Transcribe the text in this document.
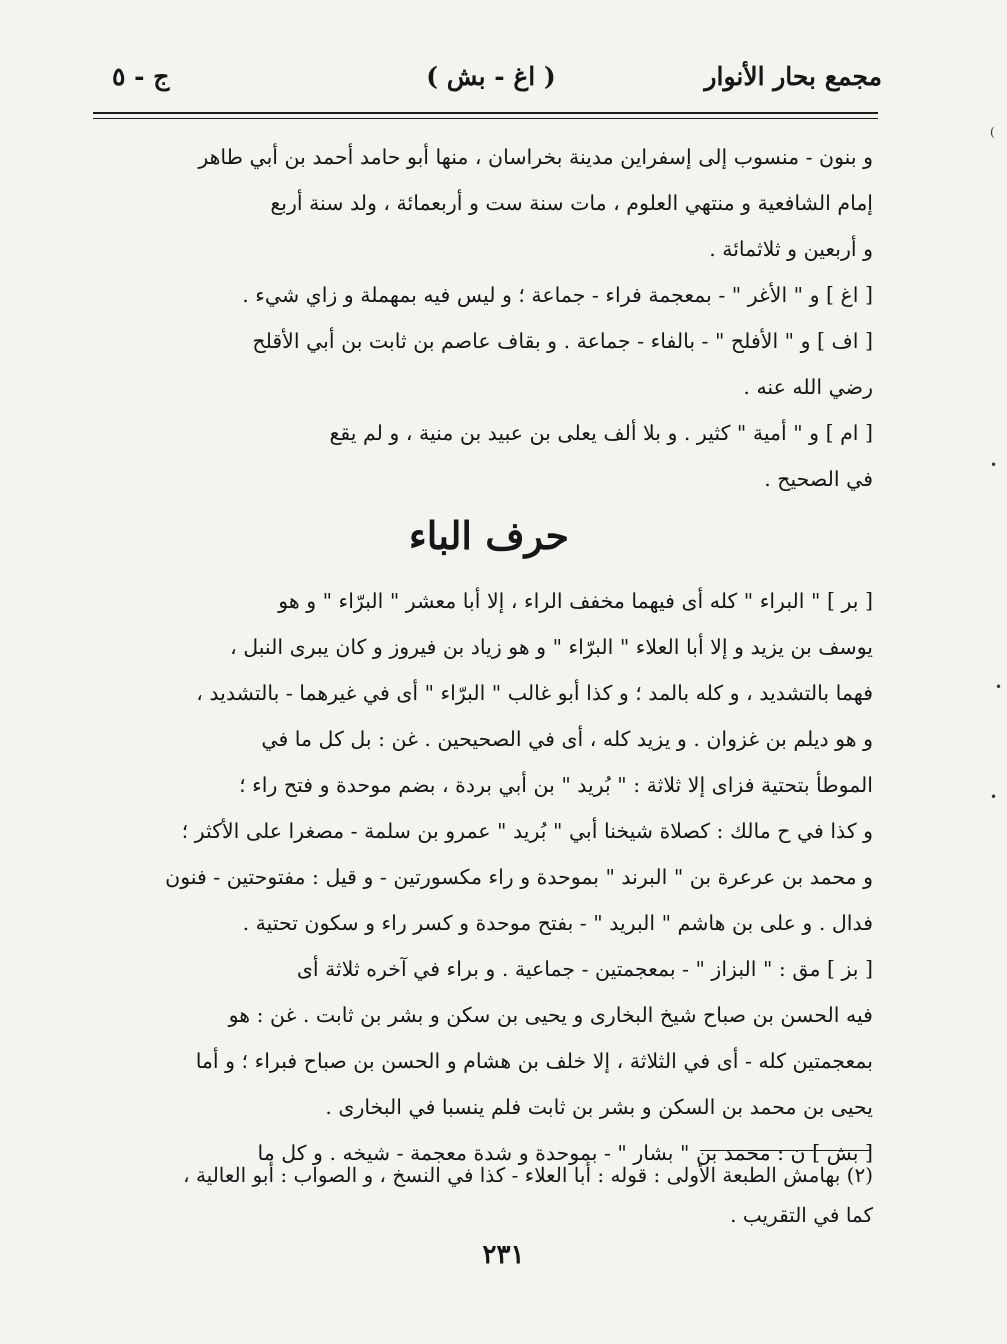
مجمع بحار الأنوار
( اغ - بش )
ج - ٥
و بنون - منسوب إلى إسفراين مدينة بخراسان ، منها أبو حامد أحمد بن أبي طاهر
إمام الشافعية و منتهي العلوم ، مات سنة ست و أربعمائة ، ولد سنة أربع
و أربعين و ثلاثمائة .
[ اغ ] و " الأغر " - بمعجمة فراء - جماعة ؛ و ليس فيه بمهملة و زاي شيء .
[ اف ] و " الأفلح " - بالفاء - جماعة . و بقاف عاصم بن ثابت بن أبي الأقلح
رضي الله عنه .
[ ام ] و " أمية " كثير . و بلا ألف يعلى بن عبيد بن منية ، و لم يقع
في الصحيح .
حرف الباء
[ بر ] " البراء " كله أى فيهما مخفف الراء ، إلا أبا معشر " البرّاء " و هو
يوسف بن يزيد و إلا أبا العلاء " البرّاء " و هو زياد بن فيروز و كان يبرى النبل ،
فهما بالتشديد ، و كله بالمد ؛ و كذا أبو غالب " البرّاء " أى في غيرهما - بالتشديد ،
و هو ديلم بن غزوان . و يزيد كله ، أى في الصحيحين . غن : بل كل ما في
الموطأ بتحتية فزاى إلا ثلاثة : " بُريد " بن أبي بردة ، بضم موحدة و فتح راء ؛
و كذا في ح مالك : كصلاة شيخنا أبي " بُريد " عمرو بن سلمة - مصغرا على الأكثر ؛
و محمد بن عرعرة بن " البرند " بموحدة و راء مكسورتين - و قيل : مفتوحتين - فنون
فدال . و على بن هاشم " البريد " - بفتح موحدة و كسر راء و سكون تحتية .
[ بز ] مق : " البزاز " - بمعجمتين - جماعية . و براء في آخره ثلاثة أى
فيه الحسن بن صباح شيخ البخارى و يحيى بن سكن و بشر بن ثابت . غن : هو
بمعجمتين كله - أى في الثلاثة ، إلا خلف بن هشام و الحسن بن صباح فبراء ؛ و أما
يحيى بن محمد بن السكن و بشر بن ثابت فلم ينسبا في البخارى .
[ بش ] ن : محمد بن " بشار " - بموحدة و شدة معجمة - شيخه . و كل ما
(٢) بهامش الطبعة الأولى : قوله : أبا العلاء - كذا في النسخ ، و الصواب : أبو العالية ،
كما في التقريب .
٢٣١
(
•
•
•
